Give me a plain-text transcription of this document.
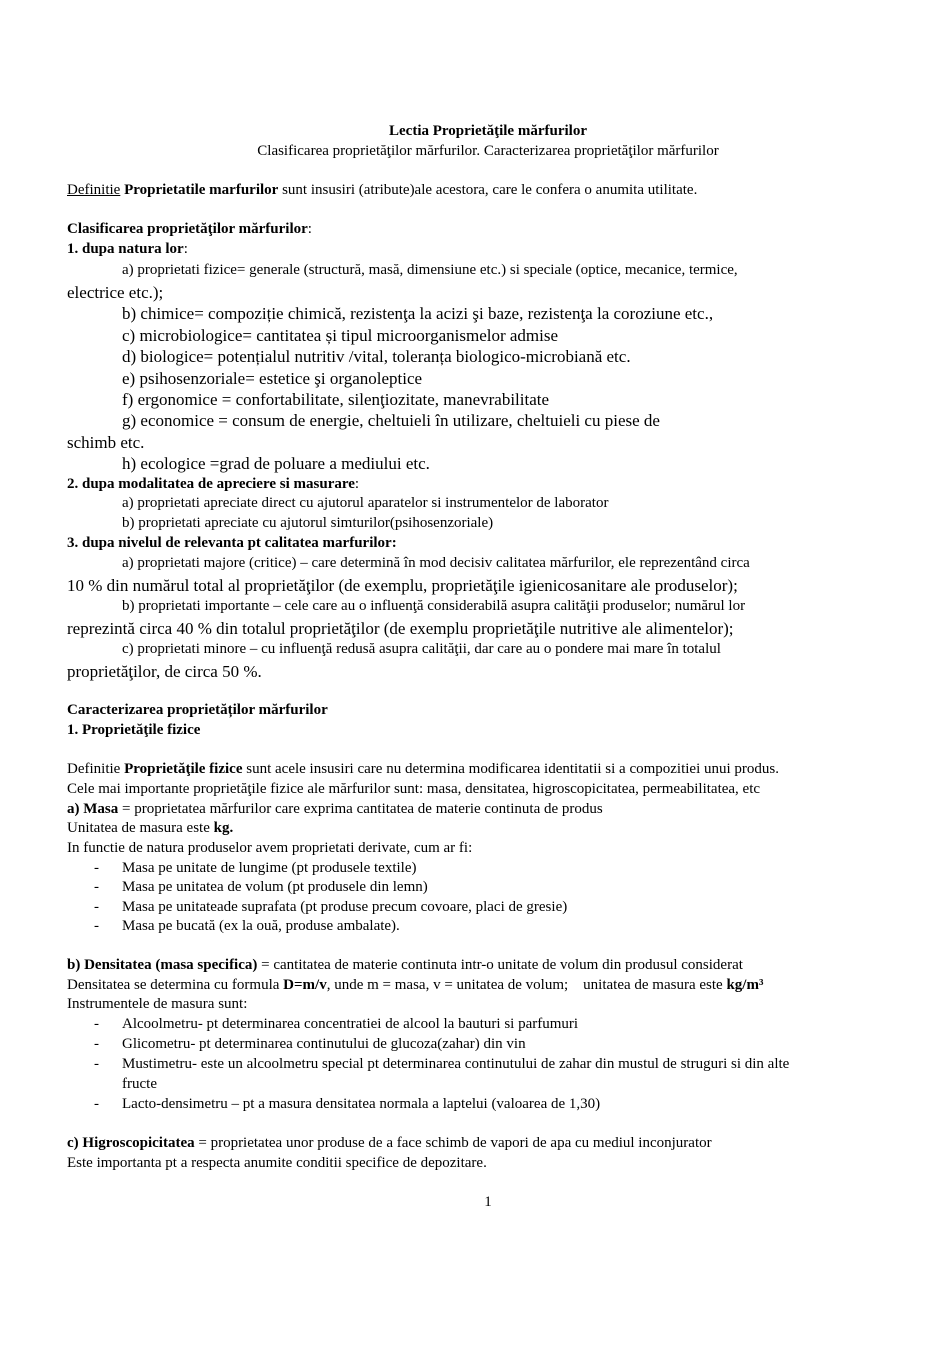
Lectia Proprietăţile mărfurilor
Clasificarea proprietăţilor mărfurilor. Caracterizarea proprietăţilor mărfurilor
Definitie Proprietatile marfurilor sunt insusiri (atribute)ale acestora, care le confera o anumita utilitate.
Clasificarea proprietăţilor mărfurilor:
1. dupa natura lor:
a) proprietati fizice= generale (structură, masă, dimensiune etc.) si speciale (optice, mecanice, termice,
electrice etc.);
b) chimice= compoziție chimică, rezistenţa la acizi şi baze, rezistenţa la coroziune etc.,
c) microbiologice= cantitatea și tipul microorganismelor admise
d) biologice= potențialul nutritiv /vital, toleranța biologico-microbiană etc.
e) psihosenzoriale= estetice şi organoleptice
f) ergonomice = confortabilitate, silenţiozitate, manevrabilitate
g) economice = consum de energie, cheltuieli în utilizare, cheltuieli cu piese de
schimb etc.
h) ecologice =grad de poluare a mediului etc.
2. dupa modalitatea de apreciere si masurare:
a) proprietati apreciate direct cu ajutorul aparatelor si instrumentelor de laborator
b) proprietati apreciate cu ajutorul simturilor(psihosenzoriale)
3. dupa nivelul de relevanta pt calitatea marfurilor:
a) proprietati majore (critice) – care determină în mod decisiv calitatea mărfurilor, ele reprezentând circa
10 % din numărul total al proprietăţilor (de exemplu, proprietăţile igienicosanitare ale produselor);
b) proprietati importante – cele care au o influenţă considerabilă asupra calităţii produselor; numărul lor
reprezintă circa 40 % din totalul proprietăţilor (de exemplu proprietăţile nutritive ale alimentelor);
c) proprietati minore – cu influenţă redusă asupra calităţii, dar care au o pondere mai mare în totalul
proprietăţilor, de circa 50 %.
Caracterizarea proprietăților mărfurilor
1. Proprietăţile fizice
Definitie Proprietăţile fizice sunt acele insusiri care nu determina modificarea identitatii si a compozitiei unui produs.
Cele mai importante proprietăţile fizice ale mărfurilor sunt: masa, densitatea, higroscopicitatea, permeabilitatea, etc
a) Masa = proprietatea mărfurilor care exprima cantitatea de materie continuta de produs
Unitatea de masura este kg.
In functie de natura produselor avem proprietati derivate, cum ar fi:
- Masa pe unitate de lungime (pt produsele textile)
- Masa pe unitatea de volum (pt produsele din lemn)
- Masa pe unitateade suprafata (pt produse precum covoare, placi de gresie)
- Masa pe bucată (ex la ouă, produse ambalate).
b) Densitatea (masa specifica) = cantitatea de materie continuta intr-o unitate de volum din produsul considerat
Densitatea se determina cu formula D=m/v, unde m = masa, v = unitatea de volum;    unitatea de masura este kg/m³
Instrumentele de masura sunt:
- Alcoolmetru- pt determinarea concentratiei de alcool la bauturi si parfumuri
- Glicometru- pt determinarea continutului de glucoza(zahar) din vin
- Mustimetru- este un alcoolmetru special pt determinarea continutului de zahar din mustul de struguri si din alte
fructe
- Lacto-densimetru – pt a masura densitatea normala a laptelui (valoarea de 1,30)
c) Higroscopicitatea = proprietatea unor produse de a face schimb de vapori de apa cu mediul inconjurator
Este importanta pt a respecta anumite conditii specifice de depozitare.
1
